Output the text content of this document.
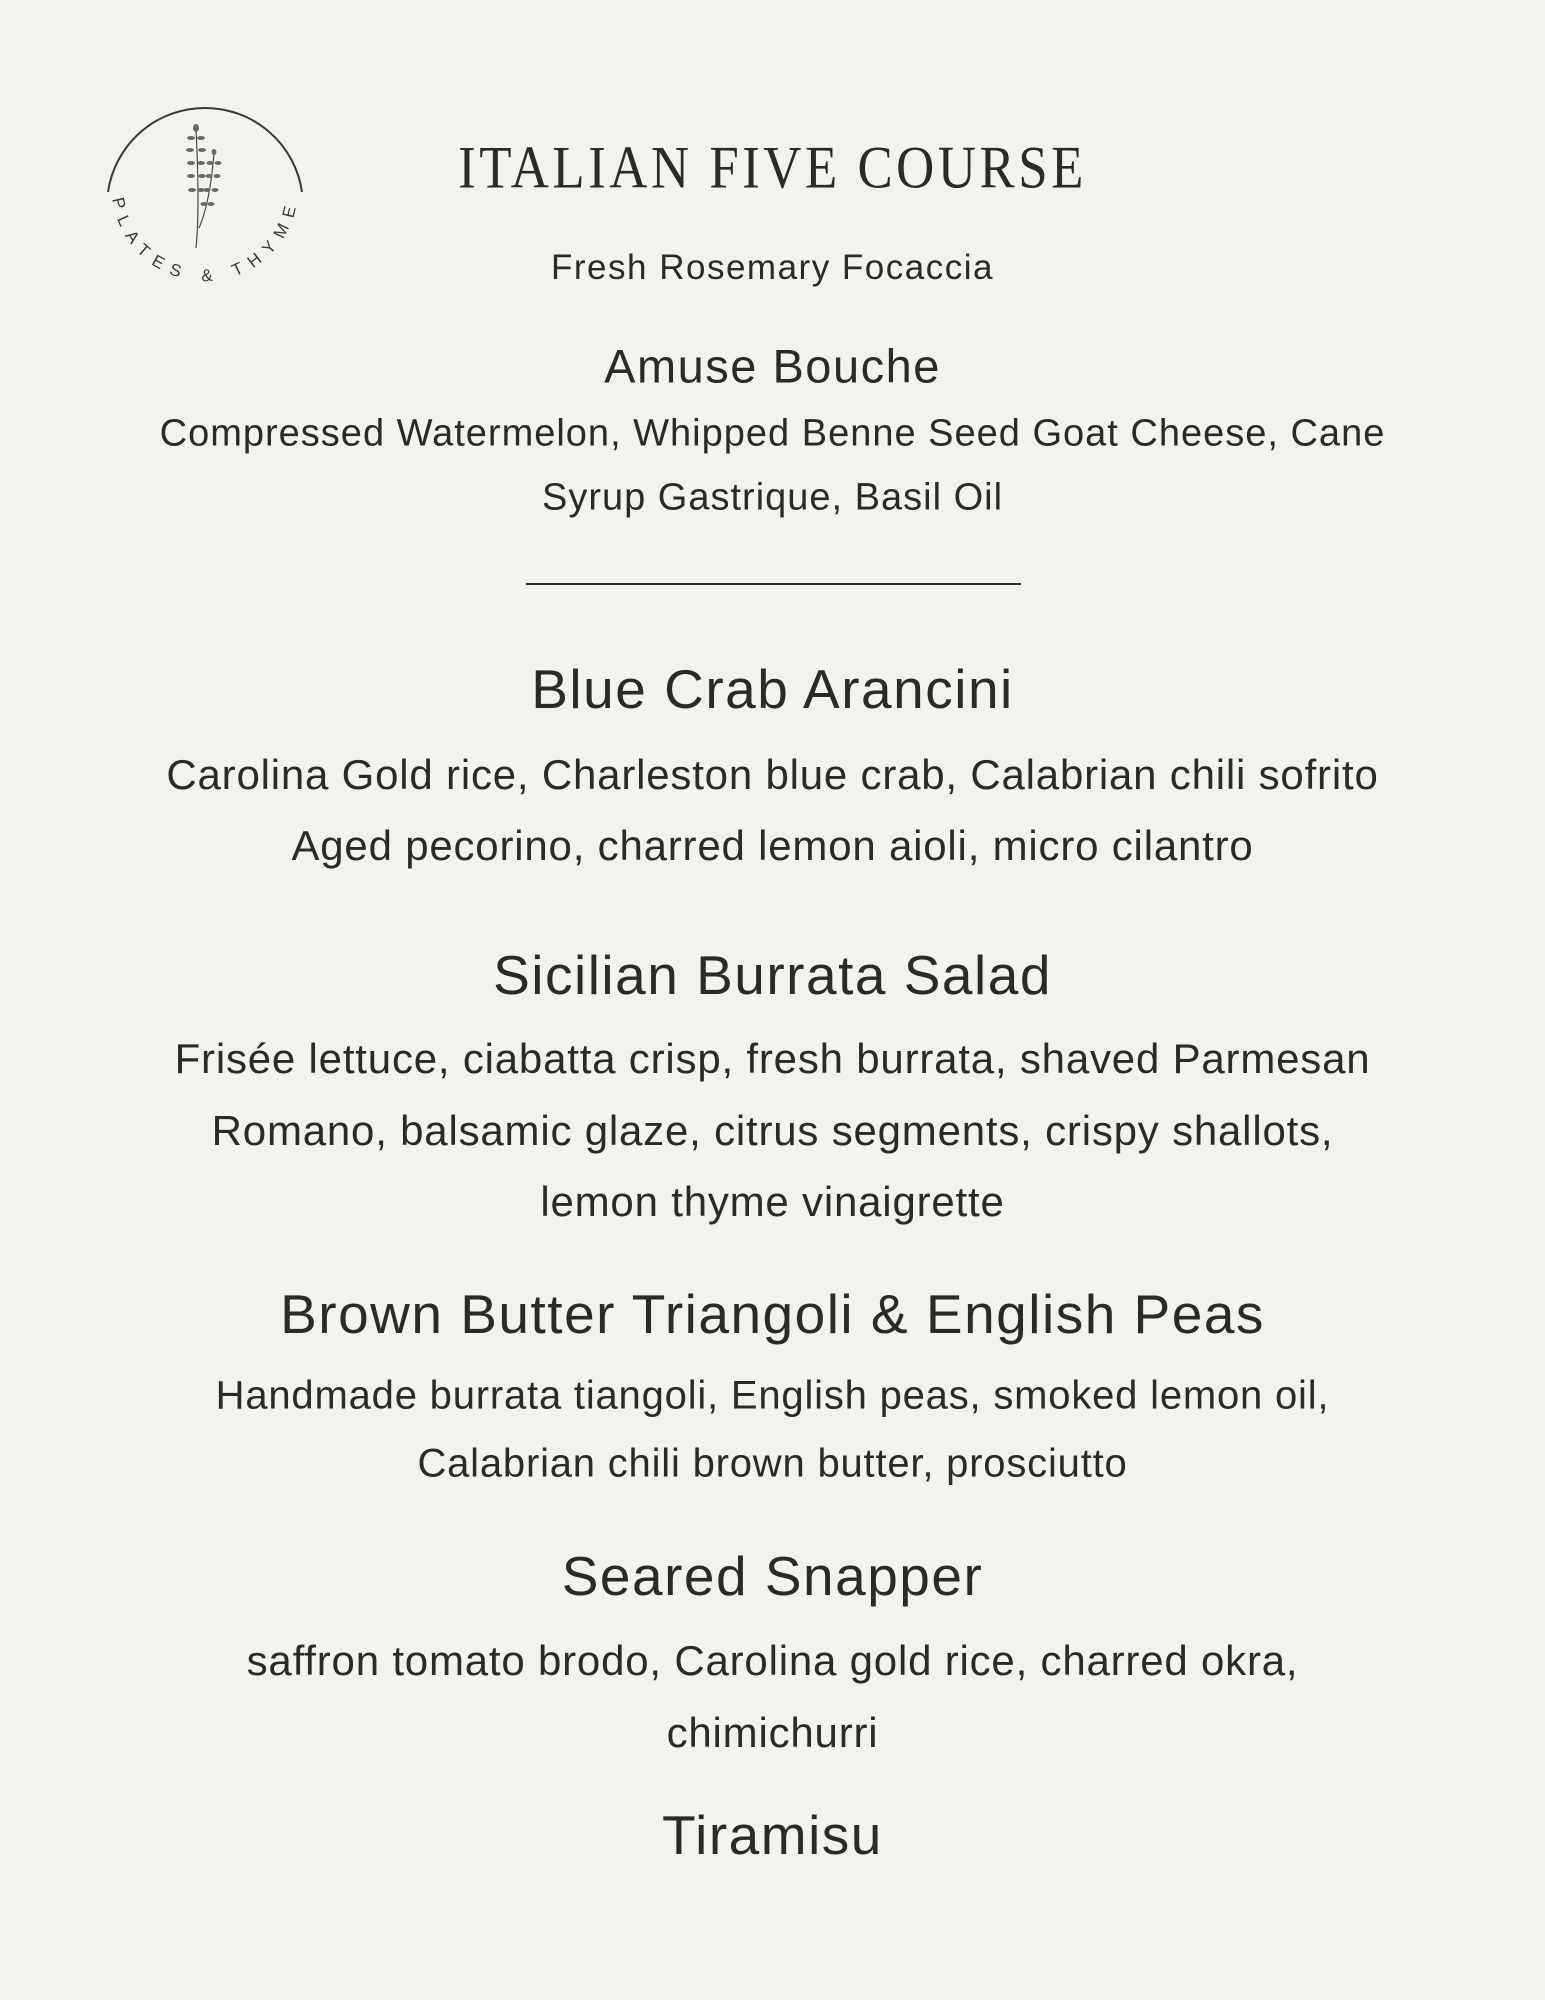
PLATES & THYME
ITALIAN FIVE COURSE
Fresh Rosemary Focaccia
Amuse Bouche
Compressed Watermelon, Whipped Benne Seed Goat Cheese, Cane
Syrup Gastrique, Basil Oil
Blue Crab Arancini
Carolina Gold rice, Charleston blue crab, Calabrian chili sofrito
Aged pecorino, charred lemon aioli, micro cilantro
Sicilian Burrata Salad
Frisée lettuce, ciabatta crisp, fresh burrata, shaved Parmesan
Romano, balsamic glaze, citrus segments, crispy shallots,
lemon thyme vinaigrette
Brown Butter Triangoli & English Peas
Handmade burrata tiangoli, English peas, smoked lemon oil,
Calabrian chili brown butter, prosciutto
Seared Snapper
saffron tomato brodo, Carolina gold rice, charred okra,
chimichurri
Tiramisu
